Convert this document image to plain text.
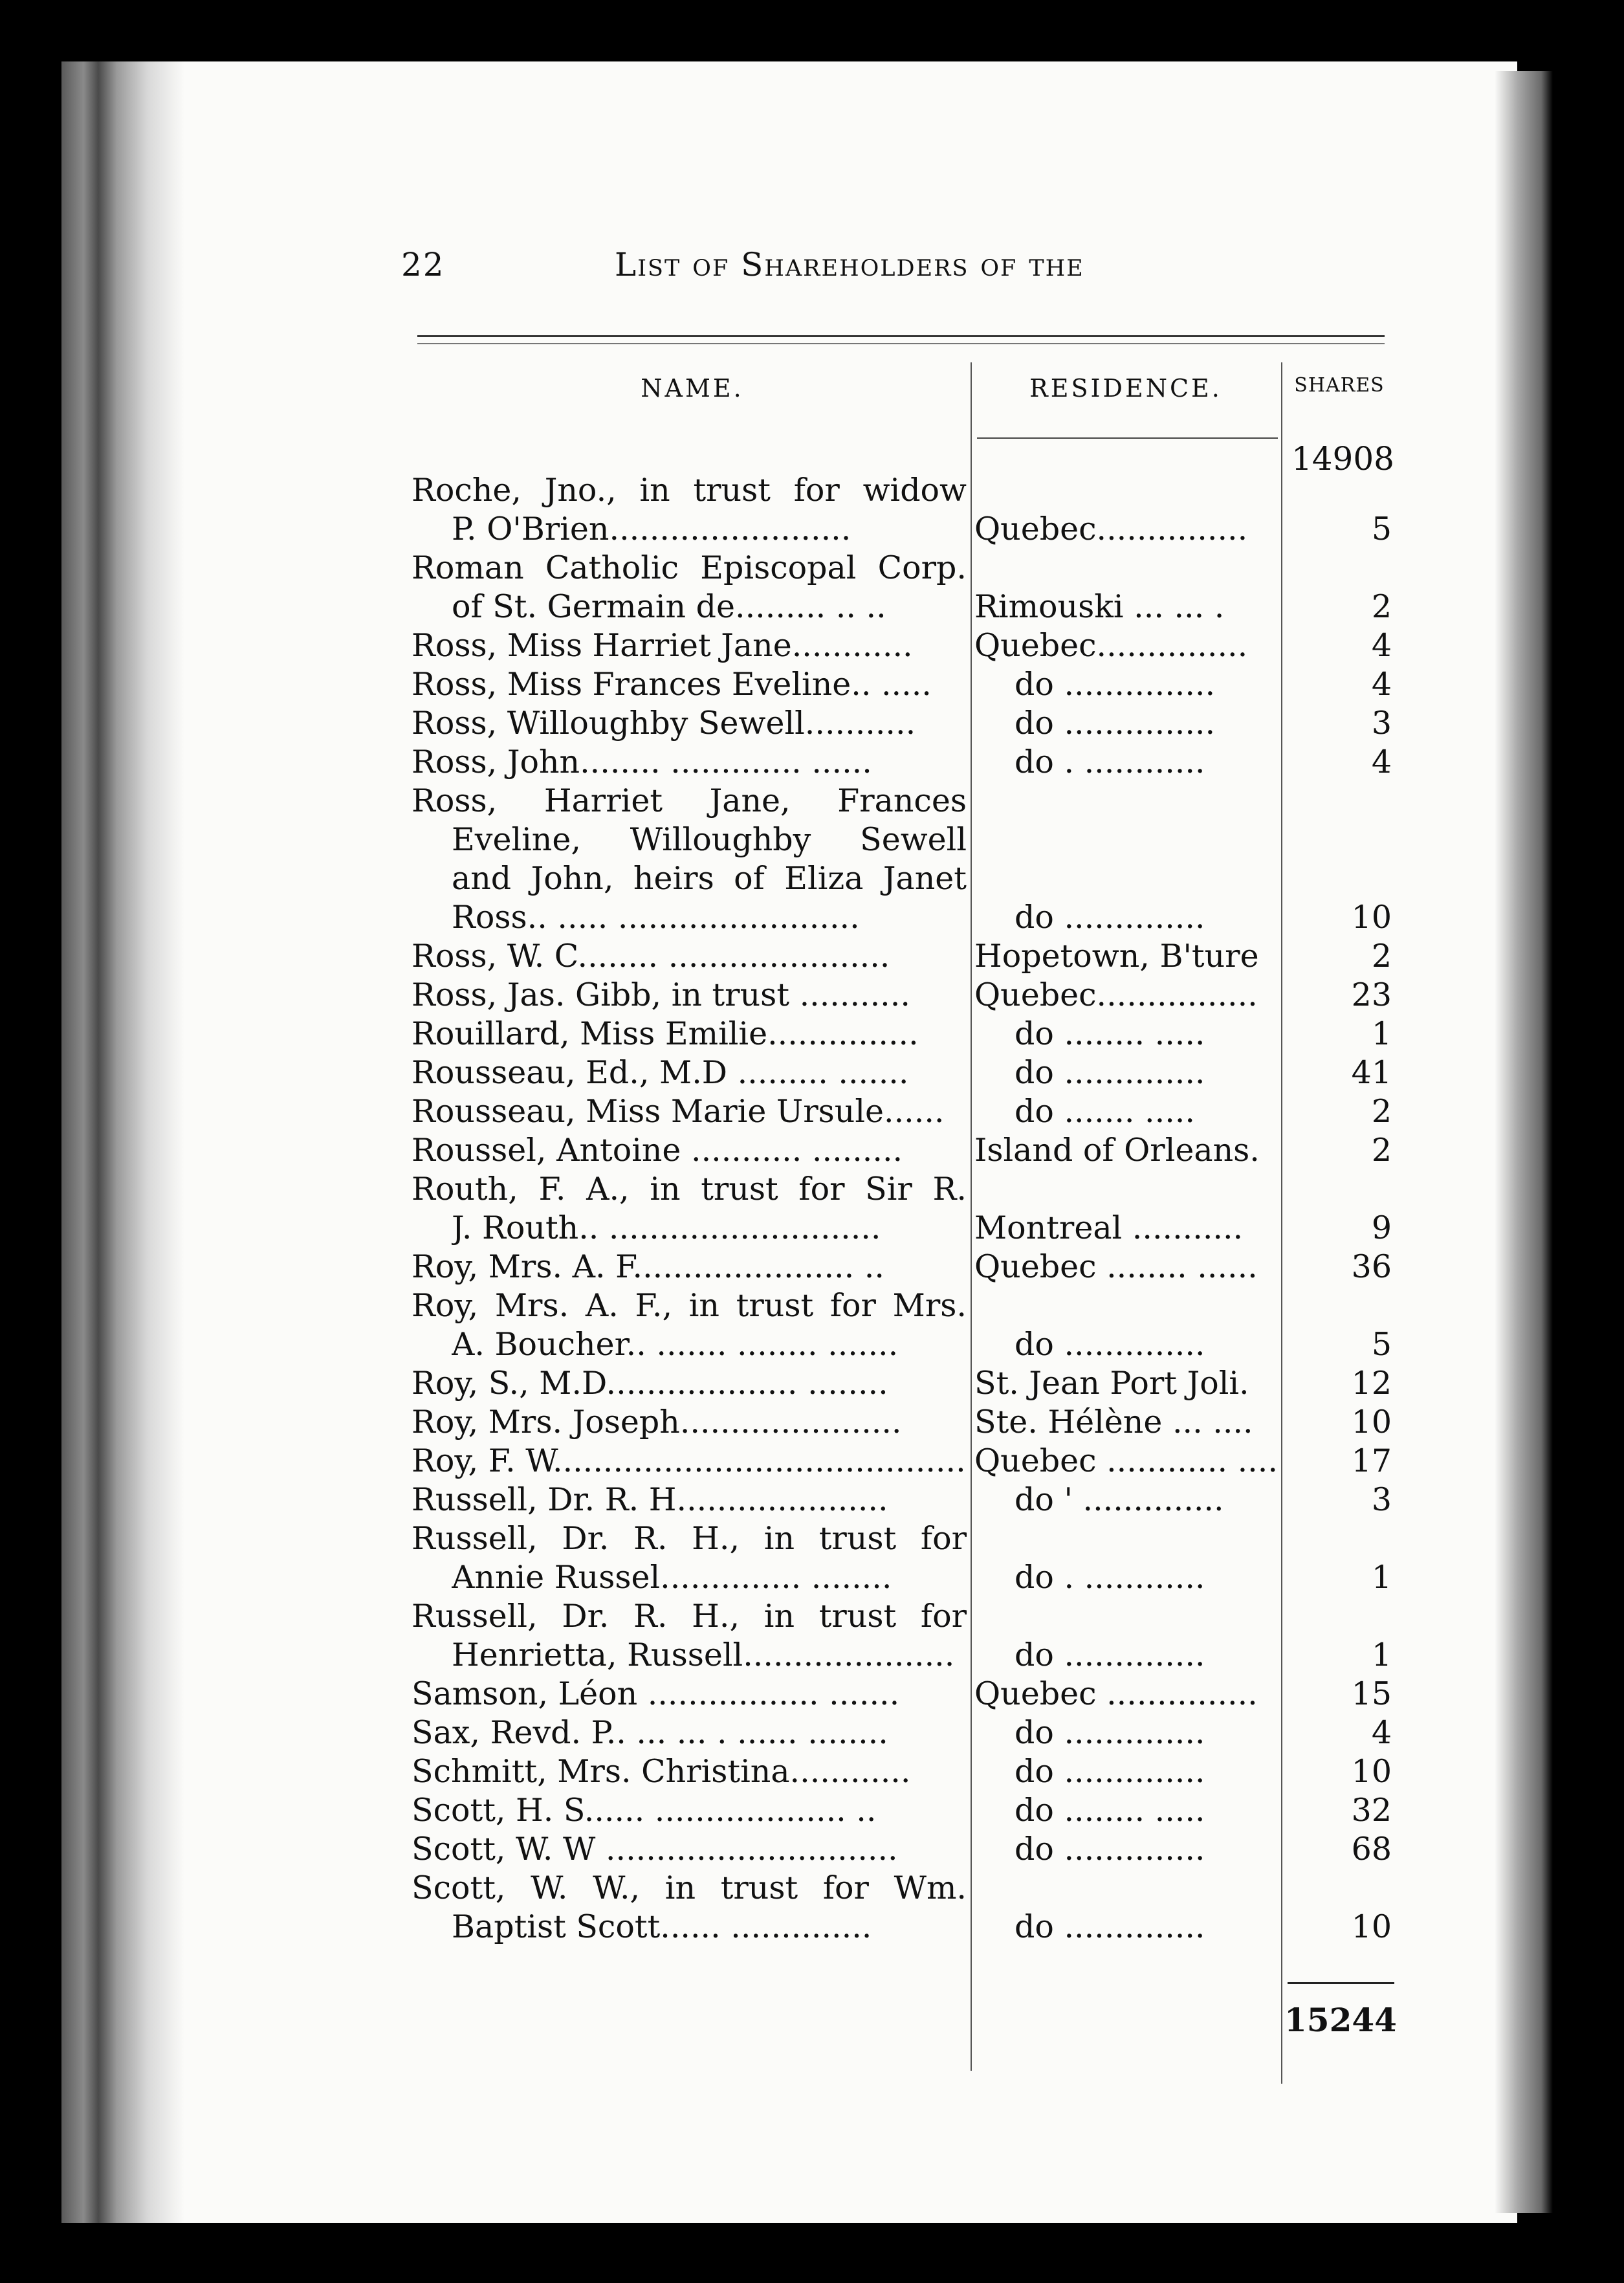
22	List of Shareholders of the
NAME.	RESIDENCE.	SHARES
14908
Roche, Jno., in trust for widow
P. O'Brien........................	Quebec...............	5
Roman Catholic Episcopal Corp.
of St. Germain de......... .. ..	Rimouski ... ... .	2
Ross, Miss Harriet Jane............	Quebec...............	4
Ross, Miss Frances Eveline.. .....	do ...............	4
Ross, Willoughby Sewell...........	do ...............	3
Ross, John........ ............. ......	do . ............	4
Ross, Harriet Jane, Frances
Eveline, Willoughby Sewell
and John, heirs of Eliza Janet
Ross.. ..... ........................	do ..............	10
Ross, W. C........ ......................	Hopetown, B'ture	2
Ross, Jas. Gibb, in trust ...........	Quebec................	23
Rouillard, Miss Emilie...............	do ........ .....	1
Rousseau, Ed., M.D ......... .......	do ..............	41
Rousseau, Miss Marie Ursule......	do ....... .....	2
Roussel, Antoine ........... .........	Island of Orleans.	2
Routh, F. A., in trust for Sir R.
J. Routh.. ...........................	Montreal ...........	9
Roy, Mrs. A. F...................... ..	Quebec ........ ......	36
Roy, Mrs. A. F., in trust for Mrs.
A. Boucher.. ....... ........ .......	do ..............	5
Roy, S., M.D................... ........	St. Jean Port Joli.	12
Roy, Mrs. Joseph......................	Ste. Hélène ... ....	10
Roy, F. W......................................... Quebec ............ ....	17
Russell, Dr. R. H.....................	do ' ..............	3
Russell, Dr. R. H., in trust for
Annie Russel.............. ........	do . ............	1
Russell, Dr. R. H., in trust for
Henrietta, Russell.....................	do ..............	1
Samson, Léon ................. .......	Quebec ...............	15
Sax, Revd. P.. ... ... . ...... ........	do ..............	4
Schmitt, Mrs. Christina............	do ..............	10
Scott, H. S...... ................... ..	do ........ .....	32
Scott, W. W .............................	do ..............	68
Scott, W. W., in trust for Wm.
Baptist Scott...... ..............	do ..............	10
15244
